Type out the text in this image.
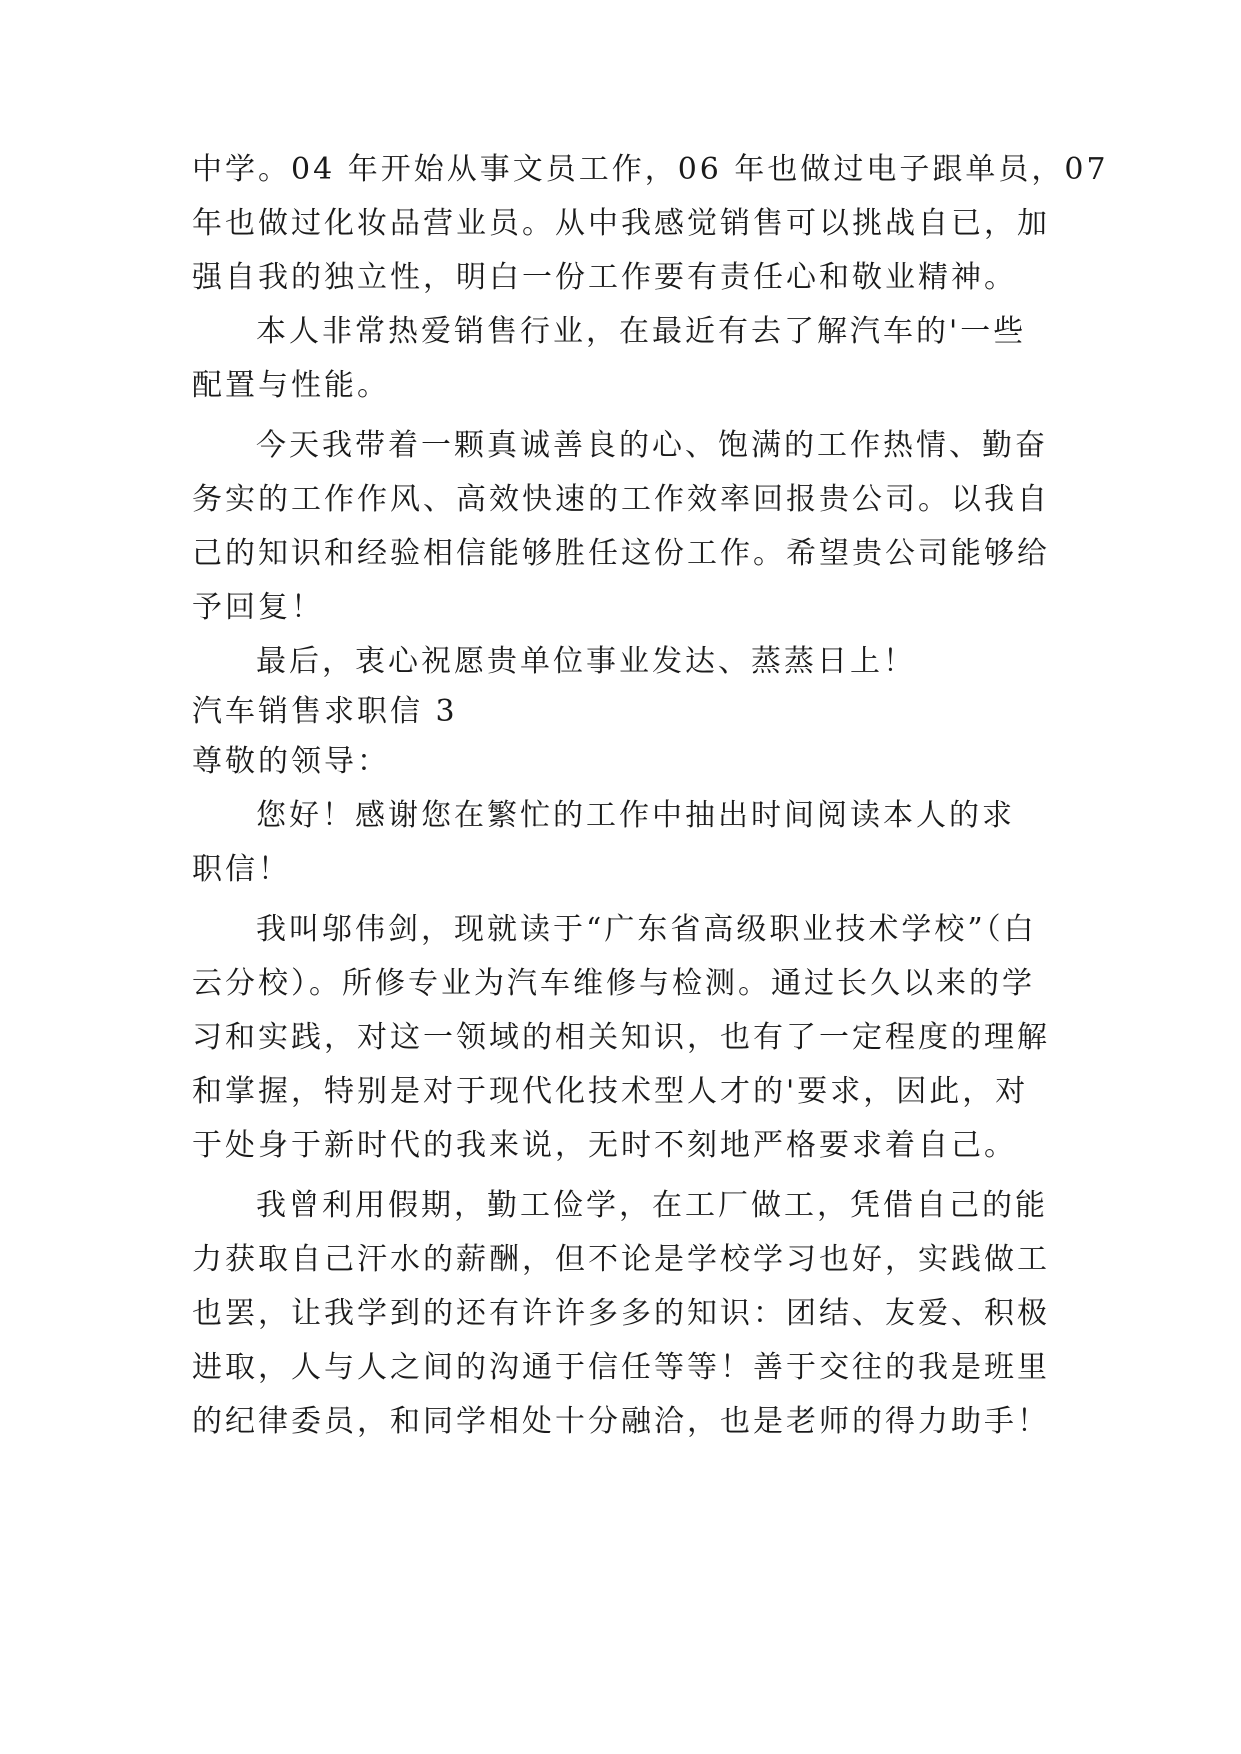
中学。04 年开始从事文员工作，06 年也做过电子跟单员，07
年也做过化妆品营业员。从中我感觉销售可以挑战自已，加
强自我的独立性，明白一份工作要有责任心和敬业精神。
本人非常热爱销售行业，在最近有去了解汽车的'一些
配置与性能。
今天我带着一颗真诚善良的心、饱满的工作热情、勤奋
务实的工作作风、高效快速的工作效率回报贵公司。以我自
己的知识和经验相信能够胜任这份工作。希望贵公司能够给
予回复！
最后，衷心祝愿贵单位事业发达、蒸蒸日上！
汽车销售求职信 3
尊敬的领导：
您好！感谢您在繁忙的工作中抽出时间阅读本人的求
职信！
我叫邬伟剑，现就读于“广东省高级职业技术学校”（白
云分校）。所修专业为汽车维修与检测。通过长久以来的学
习和实践，对这一领域的相关知识，也有了一定程度的理解
和掌握，特别是对于现代化技术型人才的'要求，因此，对
于处身于新时代的我来说，无时不刻地严格要求着自己。
我曾利用假期，勤工俭学，在工厂做工，凭借自己的能
力获取自己汗水的薪酬，但不论是学校学习也好，实践做工
也罢，让我学到的还有许许多多的知识：团结、友爱、积极
进取，人与人之间的沟通于信任等等！善于交往的我是班里
的纪律委员，和同学相处十分融洽，也是老师的得力助手！
